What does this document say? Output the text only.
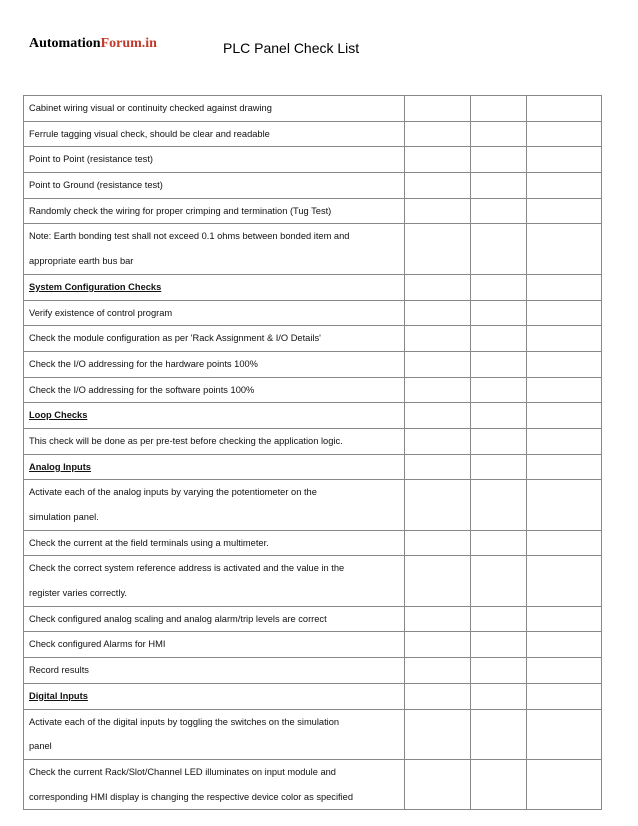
AutomationForum.in	PLC Panel Check List
Cabinet wiring visual or continuity checked against drawing			

Ferrule tagging visual check, should be clear and readable			

Point to Point (resistance test)			

Point to Ground (resistance test)			

Randomly check the wiring for proper crimping and termination (Tug Test)			

Note: Earth bonding test shall not exceed 0.1 ohms between bonded item and
appropriate earth bus bar			

System Configuration Checks
Verify existence of control program			

Check the module configuration as per 'Rack Assignment & I/O Details'			

Check the I/O addressing for the hardware points 100%			

Check the I/O addressing for the software points 100%			

Loop Checks
This check will be done as per pre-test before checking the application logic.			

Analog Inputs
Activate each of the analog inputs by varying the potentiometer on the
simulation panel.			

Check the current at the field terminals using a multimeter.			

Check the correct system reference address is activated and the value in the
register varies correctly.			

Check configured analog scaling and analog alarm/trip levels are correct			

Check configured Alarms for HMI			

Record results			

Digital Inputs
Activate each of the digital inputs by toggling the switches on the simulation
panel			

Check the current Rack/Slot/Channel LED illuminates on input module and
corresponding HMI display is changing the respective device color as specified			
